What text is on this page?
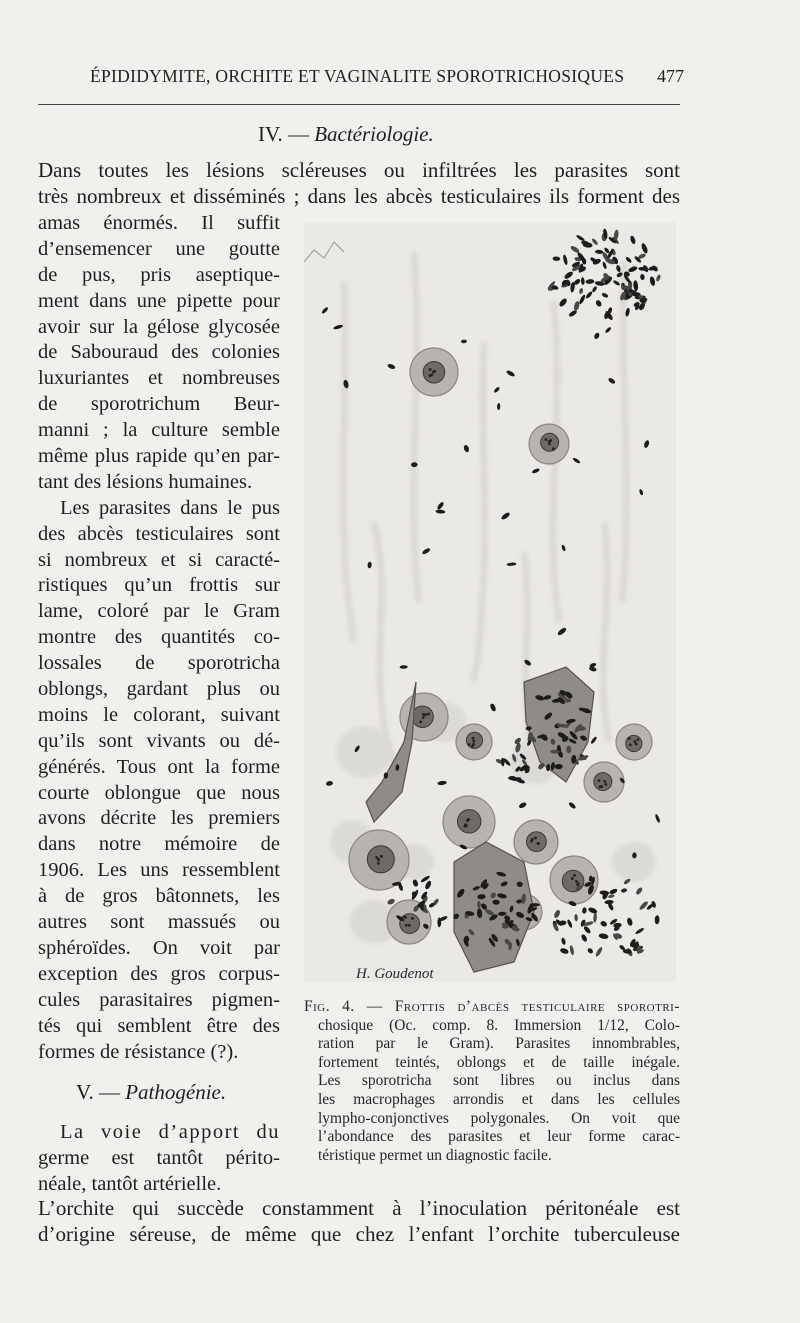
ÉPIDIDYMITE, ORCHITE ET VAGINALITE SPOROTRICHOSIQUES 477
IV. — Bactériologie.
Dans toutes les lésions scléreuses ou infiltrées les parasites sont
très nombreux et disséminés ; dans les abcès testiculaires ils forment des
amas énormés. Il suffit
d’ensemencer une goutte
de pus, pris aseptique-
ment dans une pipette pour
avoir sur la gélose glycosée
de Sabouraud des colonies
luxuriantes et nombreuses
de sporotrichum Beur-
manni ; la culture semble
même plus rapide qu’en par-
tant des lésions humaines.
Les parasites dans le pus
des abcès testiculaires sont
si nombreux et si caracté-
ristiques qu’un frottis sur
lame, coloré par le Gram
montre des quantités co-
lossales de sporotricha
oblongs, gardant plus ou
moins le colorant, suivant
qu’ils sont vivants ou dé-
générés. Tous ont la forme
courte oblongue que nous
avons décrite les premiers
dans notre mémoire de
1906. Les uns ressemblent
à de gros bâtonnets, les
autres sont massués ou
sphéroïdes. On voit par
exception des gros corpus-
cules parasitaires pigmen-
tés qui semblent être des
formes de résistance (?).
V. — Pathogénie.
La voie d’apport du
germe est tantôt périto-
néale, tantôt artérielle.
L’orchite qui succède constamment à l’inoculation péritonéale est
d’origine séreuse, de même que chez l’enfant l’orchite tuberculeuse
H. Goudenot
Fig. 4. — Frottis d’abcès testiculaire sporotri-
chosique (Oc. comp. 8. Immersion 1/12, Colo-
ration par le Gram). Parasites innombrables,
fortement teintés, oblongs et de taille inégale.
Les sporotricha sont libres ou inclus dans
les macrophages arrondis et dans les cellules
lympho-conjonctives polygonales. On voit que
l’abondance des parasites et leur forme carac-
téristique permet un diagnostic facile.
